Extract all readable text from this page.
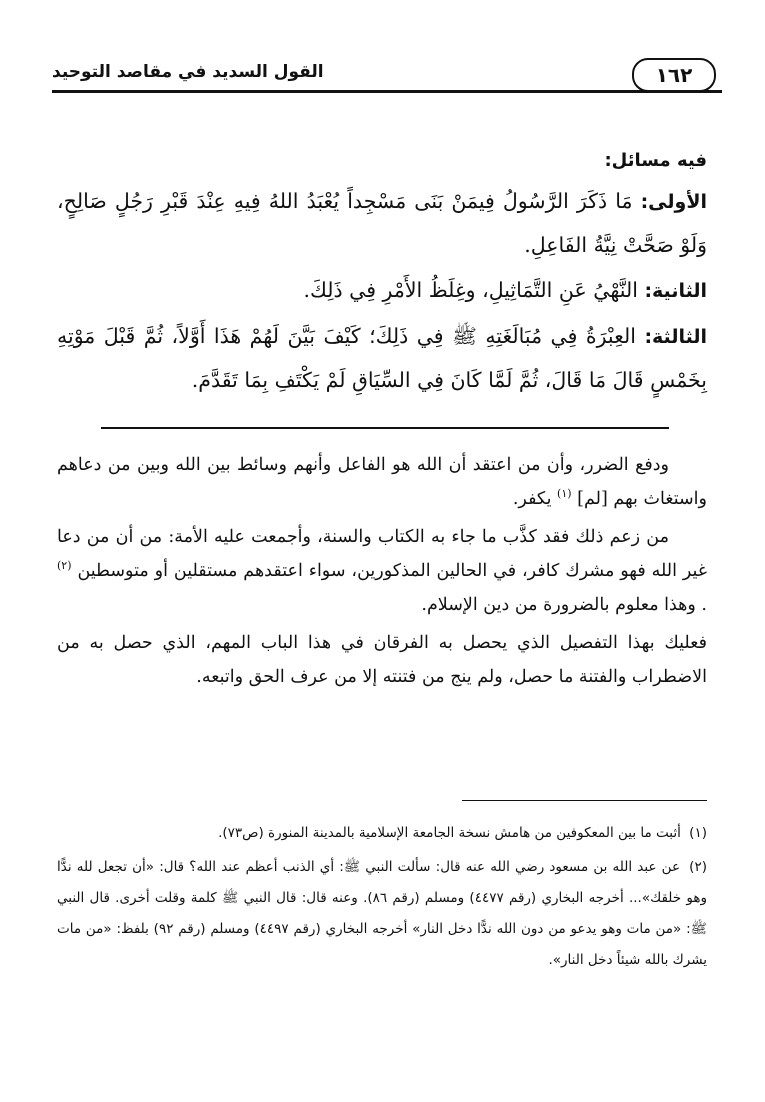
١٦٢
القول السديد في مقاصد التوحيد
فيه مسائل:

الأولى: مَا ذَكَرَ الرَّسُولُ فِيمَنْ بَنَى مَسْجِداً يُعْبَدُ اللهُ فِيهِ عِنْدَ قَبْرِ رَجُلٍ صَالِحٍ، وَلَوْ صَحَّتْ نِيَّةُ الفَاعِلِ.

الثانية: النَّهْيُ عَنِ التَّمَاثِيلِ، وغِلَظُ الأَمْرِ فِي ذَلِكَ.

الثالثة: العِبْرَةُ فِي مُبَالَغَتِهِ ﷺ فِي ذَلِكَ؛ كَيْفَ بَيَّنَ لَهُمْ هَذَا أَوَّلاً، ثُمَّ قَبْلَ مَوْتِهِ بِخَمْسٍ قَالَ مَا قَالَ، ثُمَّ لَمَّا كَانَ فِي السِّيَاقِ لَمْ يَكْتَفِ بِمَا تَقَدَّمَ.

ودفع الضرر، وأن من اعتقد أن الله هو الفاعل وأنهم وسائط بين الله وبين من دعاهم واستغاث بهم [لم] $^{(١)}$ يكفر.

من زعم ذلك فقد كذَّب ما جاء به الكتاب والسنة، وأجمعت عليه الأمة: من أن من دعا غير الله فهو مشرك كافر، في الحالين المذكورين، سواء اعتقدهم مستقلين أو متوسطين $^{(٢)}$ . وهذا معلوم بالضرورة من دين الإسلام.

فعليك بهذا التفصيل الذي يحصل به الفرقان في هذا الباب المهم، الذي حصل به من الاضطراب والفتنة ما حصل، ولم ينج من فتنته إلا من عرف الحق واتبعه.

(١) أثبت ما بين المعكوفين من هامش نسخة الجامعة الإسلامية بالمدينة المنورة (ص٧٣).

(٢) عن عبد الله بن مسعود رضي الله عنه قال: سألت النبي ﷺ: أي الذنب أعظم عند الله؟ قال: «أن تجعل لله ندًّا وهو خلقك»... أخرجه البخاري (رقم ٤٤٧٧) ومسلم (رقم ٨٦). وعنه قال: قال النبي ﷺ كلمة وقلت أخرى. قال النبي ﷺ: «من مات وهو يدعو من دون الله ندًّا دخل النار» أخرجه البخاري (رقم ٤٤٩٧) ومسلم (رقم ٩٢) بلفظ: «من مات يشرك بالله شيئاً دخل النار».
